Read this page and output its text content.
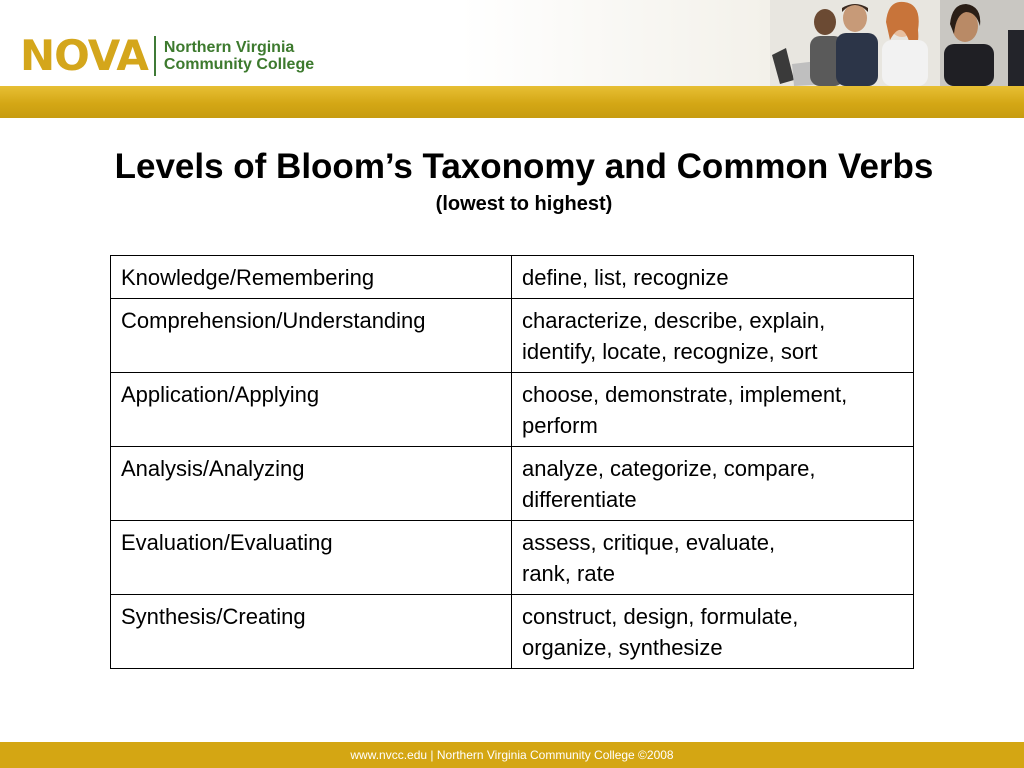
NOVA Northern Virginia
Community College
Levels of Bloom’s Taxonomy and Common Verbs
(lowest to highest)
Knowledge/Remembering	define, list, recognize
Comprehension/Understanding	characterize, describe, explain,
identify, locate, recognize, sort
Application/Applying	choose, demonstrate, implement,
perform
Analysis/Analyzing	analyze, categorize, compare,
differentiate
Evaluation/Evaluating	assess, critique, evaluate,
rank, rate
Synthesis/Creating	construct, design, formulate,
organize, synthesize
www.nvcc.edu | Northern Virginia Community College ©2008
